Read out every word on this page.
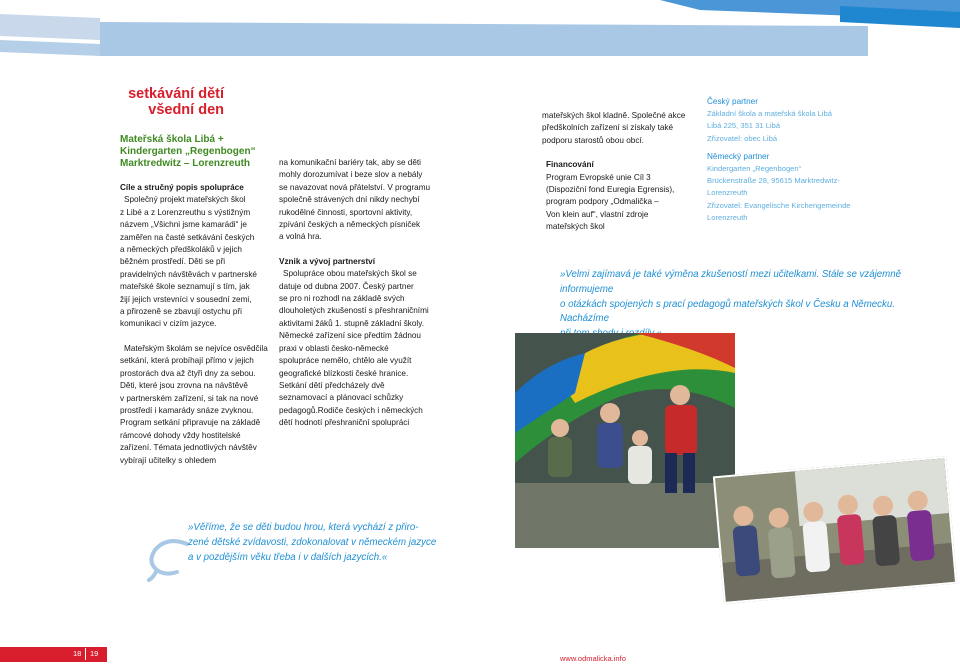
setkávání dětí
všední den
Mateřská škola Libá +
Kindergarten „Regenbogen“
Marktredwitz – Lorenzreuth

Cíle a stručný popis spolupráce

Společný projekt mateřských škol

z Libé a z Lorenzreuthu s výstižným

názvem „Všichni jsme kamarádi“ je

zaměřen na časté setkávání českých

a německých předškoláků v jejich

běžném prostředí. Děti se při

pravidelných návštěvách v partnerské

mateřské škole seznamují s tím, jak

žijí jejich vrstevníci v sousední zemi,

a přirozeně se zbavují ostychu při

komunikaci v cizím jazyce.

Mateřským školám se nejvíce osvědčila

setkání, která probíhají přímo v jejich

prostorách dva až čtyři dny za sebou.

Děti, které jsou zrovna na návštěvě

v partnerském zařízení, si tak na nové

prostředí i kamarády snáze zvyknou.

Program setkání připravuje na základě

rámcové dohody vždy hostitelské

zařízení. Témata jednotlivých návštěv

vybírají učitelky s ohledem

na komunikační bariéry tak, aby se děti

mohly dorozumívat i beze slov a nebály

se navazovat nová přátelství. V programu

společně strávených dní nikdy nechybí

rukodělné činnosti, sportovní aktivity,

zpívání českých a německých písniček

a volná hra.

Vznik a vývoj partnerství

Spolupráce obou mateřských škol se

datuje od dubna 2007. Český partner

se pro ni rozhodl na základě svých

dlouholetých zkušeností s přeshraničními

aktivitami žáků 1. stupně základní školy.

Německé zařízení sice předtím žádnou

praxi v oblasti česko-německé

spolupráce nemělo, chtělo ale využít

geografické blízkosti české hranice.

Setkání dětí předcházely dvě

seznamovací a plánovací schůzky

pedagogů.Rodiče českých i německých

dětí hodnotí přeshraniční spolupráci

mateřských škol kladně. Společné akce

předškolních zařízení si získaly také

podporu starostů obou obcí.

Financování

Program Evropské unie Cíl 3

(Dispoziční fond Euregia Egrensis),

program podpory „Odmalička –

Von klein auf“, vlastní zdroje

mateřských škol

Český partner
Základní škola a mateřská škola Libá
Libá 225, 351 31 Libá
Zřizovatel: obec Libá
Německý partner
Kindergarten „Regenbogen“
Brückenstraße 28, 95615 Marktredwitz-
Lorenzreuth
Zřizovatel: Evangelische Kirchengemeinde
Lorenzreuth
»Velmi zajímavá je také výměna zkušeností mezi učitelkami. Stále se vzájemně informujeme
o otázkách spojených s prací pedagogů mateřských škol v Česku a Německu. Nacházíme
»Věříme, že se děti budou hrou, která vychází z přiro-
zené dětské zvídavosti, zdokonalovat v německém jazyce
a v pozdějším věku třeba i v dalších jazycích.«
18 19
www.odmalicka.info
